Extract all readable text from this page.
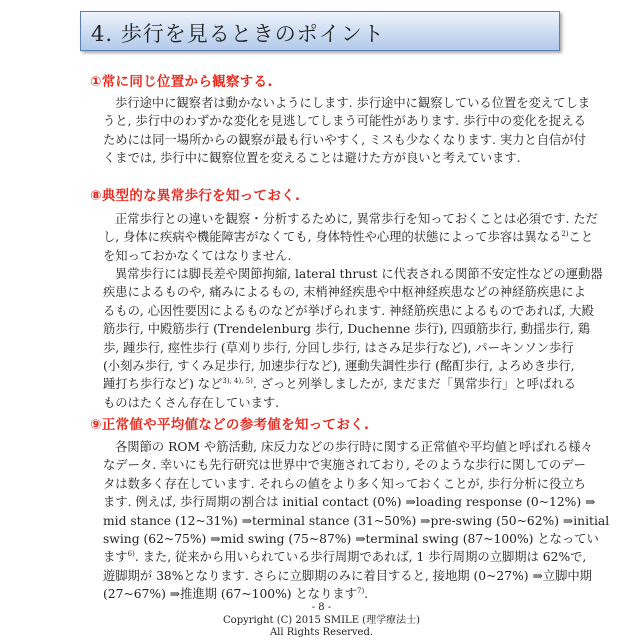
4. 歩行を見るときのポイント
①常に同じ位置から観察する.
歩行途中に観察者は動かないようにします. 歩行途中に観察している位置を変えてしま
うと, 歩行中のわずかな変化を見逃してしまう可能性があります. 歩行中の変化を捉える
ためには同一場所からの観察が最も行いやすく, ミスも少なくなります. 実力と自信が付
くまでは, 歩行中に観察位置を変えることは避けた方が良いと考えています.
⑧典型的な異常歩行を知っておく.
正常歩行との違いを観察・分析するために, 異常歩行を知っておくことは必須です. ただ
し, 身体に疾病や機能障害がなくても, 身体特性や心理的状態によって歩容は異なる$^{2)}$こと
を知っておかなくてはなりません.
異常歩行には脚長差や関節拘縮, lateral thrust に代表される関節不安定性などの運動器
疾患によるものや, 痛みによるもの, 末梢神経疾患や中枢神経疾患などの神経筋疾患によ
るもの, 心因性要因によるものなどが挙げられます. 神経筋疾患によるものであれば, 大殿
筋歩行, 中殿筋歩行 (Trendelenburg 歩行, Duchenne 歩行), 四頭筋歩行, 動揺歩行, 鶏
歩, 踵歩行, 痙性歩行 (草刈り歩行, 分回し歩行, はさみ足歩行など), パーキンソン歩行
(小刻み歩行, すくみ足歩行, 加速歩行など), 運動失調性歩行 (酩酊歩行, よろめき歩行,
踵打ち歩行など) など$^{3), 4), 5)}$. ざっと列挙しましたが, まだまだ「異常歩行」と呼ばれる
ものはたくさん存在しています.
⑨正常値や平均値などの参考値を知っておく.
各関節の ROM や筋活動, 床反力などの歩行時に関する正常値や平均値と呼ばれる様々
なデータ. 幸いにも先行研究は世界中で実施されており, そのような歩行に関してのデー
タは数多く存在しています. それらの値をより多く知っておくことが, 歩行分析に役立ち
ます. 例えば, 歩行周期の割合は initial contact (0%) ⇒loading response (0~12%) ⇒
mid stance (12~31%) ⇒terminal stance (31~50%) ⇒pre-swing (50~62%) ⇒initial
swing (62~75%) ⇒mid swing (75~87%) ⇒terminal swing (87~100%) となってい
ます$^{6)}$. また, 従来から用いられている歩行周期であれば, 1 歩行周期の立脚期は 62%で,
遊脚期が 38%となります. さらに立脚期のみに着目すると, 接地期 (0~27%) ⇒立脚中期
(27~67%) ⇒推進期 (67~100%) となります$^{7)}$.
- 8 -
Copyright (C) 2015 SMILE (理学療法士)
All Rights Reserved.
